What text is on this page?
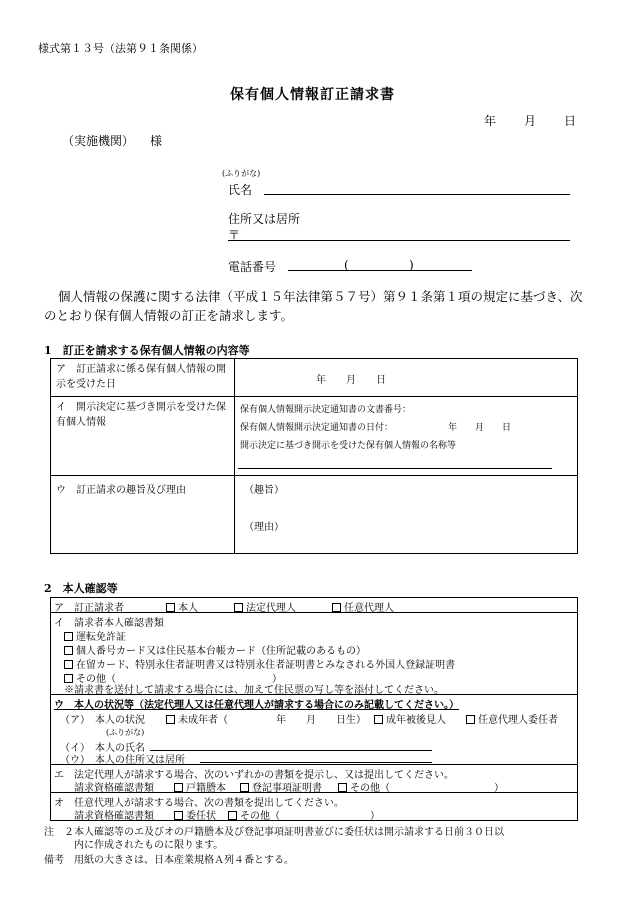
様式第１３号（法第９１条関係）
保有個人情報訂正請求書
年 月 日
（実施機関） 様
(ふりがな)
氏名
住所又は居所
〒
電話番号	(	)
個人情報の保護に関する法律（平成１５年法律第５７号）第９１条第１項の規定に基づき、次のとおり保有個人情報の訂正を請求します。
1　訂正を請求する保有個人情報の内容等
ア　訂正請求に係る保有個人情報の開示を受けた日	年　　月　　日
イ　開示決定に基づき開示を受けた保有個人情報
保有個人情報開示決定通知書の文書番号：
保有個人情報開示決定通知書の日付：	年　　月　　日
開示決定に基づき開示を受けた保有個人情報の名称等
ウ　訂正請求の趣旨及び理由	（趣旨）
（理由）
2　本人確認等
ア　訂正請求者	本人	法定代理人	任意代理人
イ　請求者本人確認書類
運転免許証
個人番号カード又は住民基本台帳カード（住所記載のあるもの）
在留カード、特別永住者証明書又は特別永住者証明書とみなされる外国人登録証明書
その他（	）
※請求書を送付して請求する場合には、加えて住民票の写し等を添付してください。
ウ　本人の状況等（法定代理人又は任意代理人が請求する場合にのみ記載してください。）
（ア）　本人の状況	未成年者（	年　　月　　日生）	成年被後見人	任意代理人委任者
(ふりがな)
（イ）　本人の氏名
（ウ）　本人の住所又は居所
エ　法定代理人が請求する場合、次のいずれかの書類を提示し、又は提出してください。
請求資格確認書類	戸籍謄本	登記事項証明書	その他（	）
オ　任意代理人が請求する場合、次の書類を提出してください。
請求資格確認書類	委任状	その他（	）
注　２本人確認等のエ及びオの戸籍謄本及び登記事項証明書並びに委任状は開示請求する日前３０日以
内に作成されたものに限ります。
備考　用紙の大きさは、日本産業規格Ａ列４番とする。
